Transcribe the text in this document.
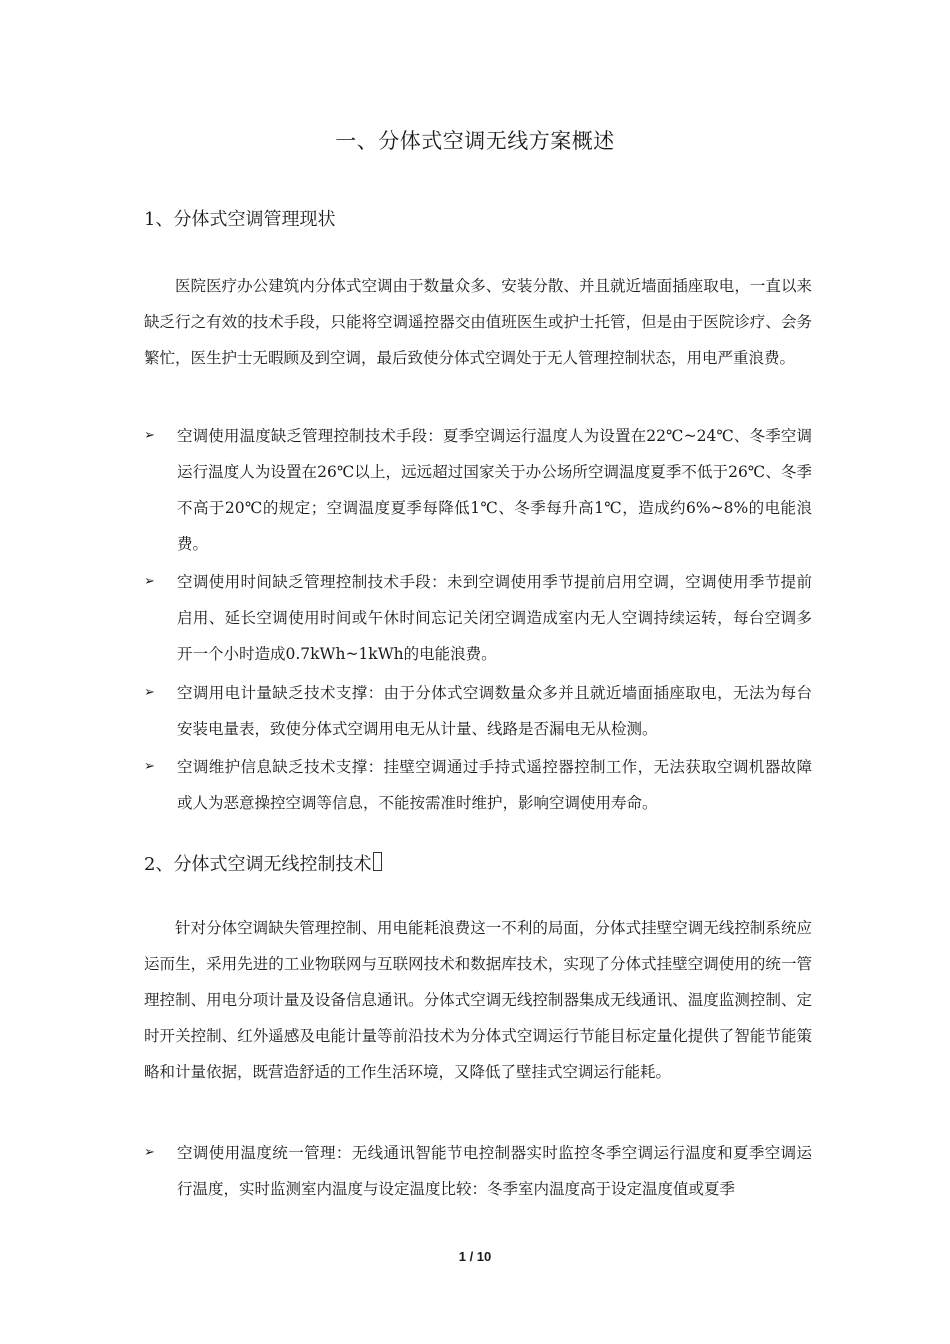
一、分体式空调无线方案概述
1、分体式空调管理现状
医院医疗办公建筑内分体式空调由于数量众多、安装分散、并且就近墙面插座取电，一直以来缺乏行之有效的技术手段，只能将空调遥控器交由值班医生或护士托管，但是由于医院诊疗、会务繁忙，医生护士无暇顾及到空调，最后致使分体式空调处于无人管理控制状态，用电严重浪费。
➢	空调使用温度缺乏管理控制技术手段：夏季空调运行温度人为设置在22℃~24℃、冬季空调运行温度人为设置在26℃以上，远远超过国家关于办公场所空调温度夏季不低于26℃、冬季不高于20℃的规定；空调温度夏季每降低1℃、冬季每升高1℃，造成约6%~8%的电能浪费。
➢	空调使用时间缺乏管理控制技术手段：未到空调使用季节提前启用空调，空调使用季节提前启用、延长空调使用时间或午休时间忘记关闭空调造成室内无人空调持续运转，每台空调多开一个小时造成0.7kWh~1kWh的电能浪费。
➢	空调用电计量缺乏技术支撑：由于分体式空调数量众多并且就近墙面插座取电，无法为每台安装电量表，致使分体式空调用电无从计量、线路是否漏电无从检测。
➢	空调维护信息缺乏技术支撑：挂壁空调通过手持式遥控器控制工作，无法获取空调机器故障或人为恶意操控空调等信息，不能按需准时维护，影响空调使用寿命。
2、分体式空调无线控制技术
针对分体空调缺失管理控制、用电能耗浪费这一不利的局面，分体式挂壁空调无线控制系统应运而生，采用先进的工业物联网与互联网技术和数据库技术，实现了分体式挂壁空调使用的统一管理控制、用电分项计量及设备信息通讯。分体式空调无线控制器集成无线通讯、温度监测控制、定时开关控制、红外遥感及电能计量等前沿技术为分体式空调运行节能目标定量化提供了智能节能策略和计量依据，既营造舒适的工作生活环境，又降低了壁挂式空调运行能耗。
➢	空调使用温度统一管理：无线通讯智能节电控制器实时监控冬季空调运行温度和夏季空调运行温度，实时监测室内温度与设定温度比较：冬季室内温度高于设定温度值或夏季
1 / 10
